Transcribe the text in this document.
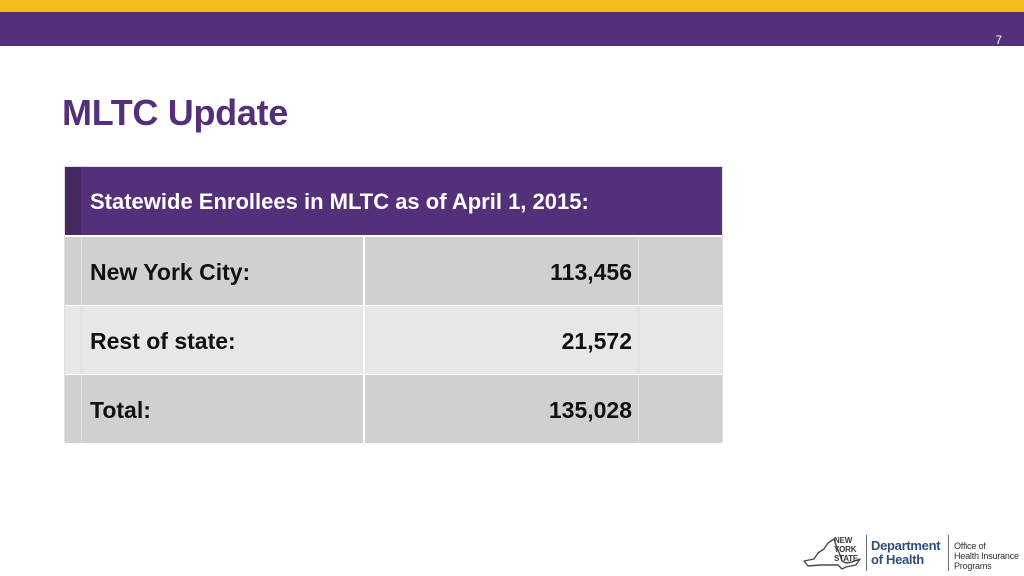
7
MLTC Update
Statewide Enrollees in MLTC as of April 1, 2015:
New York City:	113,456
Rest of state:	21,572
Total:	135,028
NEW
YORK
STATE
Department
of Health
Office of
Health Insurance
Programs
